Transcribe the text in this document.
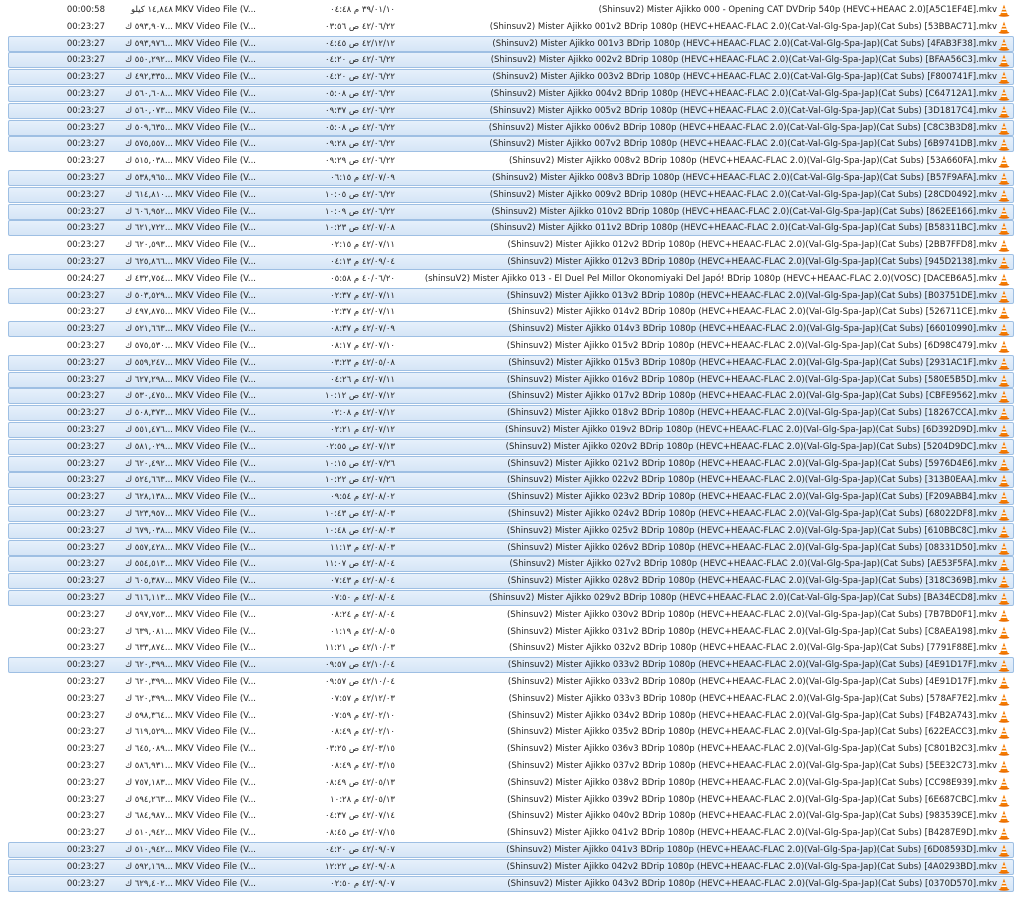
00:00:58	١٤,٨٤٨ كيلو MKV Video File (V...	٣٩/٠١/١٠ م ٠٤:٤٨	(Shinsuv2) Mister Ajikko 000 - Opening CAT DVDrip 540p (HEVC+HEAAC 2.0)[A5C1EF4E].mkv
00:23:27	٥٩٣,٩٠٧ ك... MKV Video File (V...	٤٢/٠٦/٢٢ ص ٠٣:٥٦	(Shinsuv2) Mister Ajikko 001v2 BDrip 1080p (HEVC+HEAAC-FLAC 2.0)(Cat-Val-Glg-Spa-Jap)(Cat Subs) [53BBAC71].mkv
00:23:27	٥٩٣,٩٧٦ ك... MKV Video File (V...	٤٢/١٢/١٢ ص ٠٤:٤٥	(Shinsuv2) Mister Ajikko 001v3 BDrip 1080p (HEVC+HEAAC-FLAC 2.0)(Cat-Val-Glg-Spa-Jap)(Cat Subs) [4FAB3F38].mkv
00:23:27	٥٥٠,٢٩٢ ك... MKV Video File (V...	٤٢/٠٦/٢٢ ص ٠٤:٢٠	(Shinsuv2) Mister Ajikko 002v2 BDrip 1080p (HEVC+HEAAC-FLAC 2.0)(Cat-Val-Glg-Spa-Jap)(Cat Subs) [BFAA56C3].mkv
00:23:27	٤٩٢,٣٣٥ ك... MKV Video File (V...	٤٢/٠٦/٢٢ ص ٠٤:٢٠	(Shinsuv2) Mister Ajikko 003v2 BDrip 1080p (HEVC+HEAAC-FLAC 2.0)(Cat-Val-Glg-Spa-Jap)(Cat Subs) [F800741F].mkv
00:23:27	٥٦٠,٦٠٨ ك... MKV Video File (V...	٤٢/٠٦/٢٢ ص ٠٥:٠٨	(Shinsuv2) Mister Ajikko 004v2 BDrip 1080p (HEVC+HEAAC-FLAC 2.0)(Cat-Val-Glg-Spa-Jap)(Cat Subs) [C64712A1].mkv
00:23:27	٥٦٠,٠٧٣ ك... MKV Video File (V...	٤٢/٠٦/٢٢ ص ٠٩:٣٧	(Shinsuv2) Mister Ajikko 005v2 BDrip 1080p (HEVC+HEAAC-FLAC 2.0)(Cat-Val-Glg-Spa-Jap)(Cat Subs) [3D1817C4].mkv
00:23:27	٥٠٩,٦٣٥ ك... MKV Video File (V...	٤٢/٠٦/٢٢ ص ٠٥:٠٨	(Shinsuv2) Mister Ajikko 006v2 BDrip 1080p (HEVC+HEAAC-FLAC 2.0)(Cat-Val-Glg-Spa-Jap)(Cat Subs) [C8C3B3D8].mkv
00:23:27	٥٧٥,٥٥٧ ك... MKV Video File (V...	٤٢/٠٦/٢٢ ص ٠٩:٢٨	(Shinsuv2) Mister Ajikko 007v2 BDrip 1080p (HEVC+HEAAC-FLAC 2.0)(Cat-Val-Glg-Spa-Jap)(Cat Subs) [6B9741DB].mkv
00:23:27	٥١٥,٠٣٨ ك... MKV Video File (V...	٤٢/٠٦/٢٢ ص ٠٩:٢٩	(Shinsuv2) Mister Ajikko 008v2 BDrip 1080p (HEVC+HEAAC-FLAC 2.0)(Val-Glg-Spa-Jap)(Cat Subs) [53A660FA].mkv
00:23:27	٥٣٨,٩٦٥ ك... MKV Video File (V...	٤٢/٠٧/٠٩ م ٠٦:١٥	(Shinsuv2) Mister Ajikko 008v3 BDrip 1080p (HEVC+HEAAC-FLAC 2.0)(Cat-Val-Glg-Spa-Jap)(Cat Subs) [B57F9AFA].mkv
00:23:27	٦١٤,٨١٠ ك... MKV Video File (V...	٤٢/٠٦/٢٢ ص ١٠:٠٥	(Shinsuv2) Mister Ajikko 009v2 BDrip 1080p (HEVC+HEAAC-FLAC 2.0)(Cat-Val-Glg-Spa-Jap)(Cat Subs) [28CD0492].mkv
00:23:27	٦٠٦,٩٥٢ ك... MKV Video File (V...	٤٢/٠٦/٢٢ ص ١٠:٠٩	(Shinsuv2) Mister Ajikko 010v2 BDrip 1080p (HEVC+HEAAC-FLAC 2.0)(Cat-Val-Glg-Spa-Jap)(Cat Subs) [862EE166].mkv
00:23:27	٦٢١,٧٢٢ ك... MKV Video File (V...	٤٢/٠٧/٠٨ ص ١٠:٢٣	(Shinsuv2) Mister Ajikko 011v2 BDrip 1080p (HEVC+HEAAC-FLAC 2.0)(Cat-Val-Glg-Spa-Jap)(Cat Subs) [B58311BC].mkv
00:23:27	٦٢٠,٥٩٣ ك... MKV Video File (V...	٤٢/٠٧/١١ م ٠٢:١٥	(Shinsuv2) Mister Ajikko 012v2 BDrip 1080p (HEVC+HEAAC-FLAC 2.0)(Val-Glg-Spa-Jap)(Cat Subs) [2BB7FFD8].mkv
00:23:27	٦٢٥,٨٦٦ ك... MKV Video File (V...	٤٢/٠٩/٠٤ م ٠٤:١٣	(Shinsuv2) Mister Ajikko 012v3 BDrip 1080p (HEVC+HEAAC-FLAC 2.0)(Val-Glg-Spa-Jap)(Cat Subs) [945D2138].mkv
00:24:27	٤٣٢,٧٥٤ ك... MKV Video File (V...	٤٠/٠٦/٢٠ م ٠٥:٥٨	(shinsuV2) Mister Ajikko 013 - El Duel Pel Millor Okonomiyaki Del Japó! BDrip 1080p (HEVC+HEAAC-FLAC 2.0)(VOSC) [DACEB6A5].mkv
00:23:27	٥٠٣,٥٢٩ ك... MKV Video File (V...	٤٢/٠٧/١١ م ٠٢:٣٧	(Shinsuv2) Mister Ajikko 013v2 BDrip 1080p (HEVC+HEAAC-FLAC 2.0)(Val-Glg-Spa-Jap)(Cat Subs) [B03751DE].mkv
00:23:27	٤٩٧,٨٧٥ ك... MKV Video File (V...	٤٢/٠٧/١١ م ٠٢:٣٧	(Shinsuv2) Mister Ajikko 014v2 BDrip 1080p (HEVC+HEAAC-FLAC 2.0)(Val-Glg-Spa-Jap)(Cat Subs) [526711CE].mkv
00:23:27	٥٢١,٦٦٣ ك... MKV Video File (V...	٤٢/٠٧/٠٩ م ٠٨:٣٧	(Shinsuv2) Mister Ajikko 014v3 BDrip 1080p (HEVC+HEAAC-FLAC 2.0)(Val-Glg-Spa-Jap)(Cat Subs) [66010990].mkv
00:23:27	٥٧٥,٥٣٠ ك... MKV Video File (V...	٤٢/٠٧/١٠ م ٠٨:١٧	(Shinsuv2) Mister Ajikko 015v2 BDrip 1080p (HEVC+HEAAC-FLAC 2.0)(Val-Glg-Spa-Jap)(Cat Subs) [6D98C479].mkv
00:23:27	٥٥٩,٢٤٧ ك... MKV Video File (V...	٤٢/٠٥/٠٨ م ٠٣:٢٣	(Shinsuv2) Mister Ajikko 015v3 BDrip 1080p (HEVC+HEAAC-FLAC 2.0)(Val-Glg-Spa-Jap)(Cat Subs) [2931AC1F].mkv
00:23:27	٦٢٧,٢٩٨ ك... MKV Video File (V...	٤٢/٠٧/١١ م ٠٤:٢٦	(Shinsuv2) Mister Ajikko 016v2 BDrip 1080p (HEVC+HEAAC-FLAC 2.0)(Val-Glg-Spa-Jap)(Cat Subs) [580E5B5D].mkv
00:23:27	٥٣٠,٤٧٥ ك... MKV Video File (V...	٤٢/٠٧/١٢ ص ١٠:١٢	(Shinsuv2) Mister Ajikko 017v2 BDrip 1080p (HEVC+HEAAC-FLAC 2.0)(Val-Glg-Spa-Jap)(Cat Subs) [CBFE9562].mkv
00:23:27	٥٠٨,٣٧٣ ك... MKV Video File (V...	٤٢/٠٧/١٢ م ٠٢:٠٨	(Shinsuv2) Mister Ajikko 018v2 BDrip 1080p (HEVC+HEAAC-FLAC 2.0)(Val-Glg-Spa-Jap)(Cat Subs) [18267CCA].mkv
00:23:27	٥٥١,٤٧٦ ك... MKV Video File (V...	٤٢/٠٧/١٢ م ٠٢:٢١	(Shinsuv2) Mister Ajikko 019v2 BDrip 1080p (HEVC+HEAAC-FLAC 2.0)(Val-Glg-Spa-Jap)(Cat Subs) [6D392D9D].mkv
00:23:27	٥٨١,٠٢٩ ك... MKV Video File (V...	٤٢/٠٧/١٣ ص ٠٢:٥٥	(Shinsuv2) Mister Ajikko 020v2 BDrip 1080p (HEVC+HEAAC-FLAC 2.0)(Val-Glg-Spa-Jap)(Cat Subs) [5204D9DC].mkv
00:23:27	٦٢٠,٤٩٢ ك... MKV Video File (V...	٤٢/٠٧/٢٦ ص ١٠:١٥	(Shinsuv2) Mister Ajikko 021v2 BDrip 1080p (HEVC+HEAAC-FLAC 2.0)(Val-Glg-Spa-Jap)(Cat Subs) [5976D4E6].mkv
00:23:27	٥٢٤,٦٦٣ ك... MKV Video File (V...	٤٢/٠٧/٢٦ ص ١٠:٢٢	(Shinsuv2) Mister Ajikko 022v2 BDrip 1080p (HEVC+HEAAC-FLAC 2.0)(Val-Glg-Spa-Jap)(Cat Subs) [313B0EAA].mkv
00:23:27	٦٢٨,١٣٨ ك... MKV Video File (V...	٤٢/٠٨/٠٢ م ٠٩:٥٤	(Shinsuv2) Mister Ajikko 023v2 BDrip 1080p (HEVC+HEAAC-FLAC 2.0)(Val-Glg-Spa-Jap)(Cat Subs) [F209ABB4].mkv
00:23:27	٦٢٣,٩٥٧ ك... MKV Video File (V...	٤٢/٠٨/٠٣ ص ١٠:٤٣	(Shinsuv2) Mister Ajikko 024v2 BDrip 1080p (HEVC+HEAAC-FLAC 2.0)(Val-Glg-Spa-Jap)(Cat Subs) [68022DF8].mkv
00:23:27	٦٧٩,٠٣٨ ك... MKV Video File (V...	٤٢/٠٨/٠٣ ص ١٠:٤٨	(Shinsuv2) Mister Ajikko 025v2 BDrip 1080p (HEVC+HEAAC-FLAC 2.0)(Val-Glg-Spa-Jap)(Cat Subs) [610BBC8C].mkv
00:23:27	٥٥٧,٤٢٨ ك... MKV Video File (V...	٤٢/٠٨/٠٣ م ١١:١٣	(Shinsuv2) Mister Ajikko 026v2 BDrip 1080p (HEVC+HEAAC-FLAC 2.0)(Val-Glg-Spa-Jap)(Cat Subs) [08331D50].mkv
00:23:27	٥٥٤,٥١٣ ك... MKV Video File (V...	٤٢/٠٨/٠٤ ص ١١:٠٧	(Shinsuv2) Mister Ajikko 027v2 BDrip 1080p (HEVC+HEAAC-FLAC 2.0)(Val-Glg-Spa-Jap)(Cat Subs) [AE53F5FA].mkv
00:23:27	٦٠٥,٣٨٧ ك... MKV Video File (V...	٤٢/٠٨/٠٤ م ٠٧:٤٣	(Shinsuv2) Mister Ajikko 028v2 BDrip 1080p (HEVC+HEAAC-FLAC 2.0)(Val-Glg-Spa-Jap)(Cat Subs) [318C369B].mkv
00:23:27	٦١٦,١١٣ ك... MKV Video File (V...	٤٢/٠٨/٠٤ م ٠٧:٥٠	(Shinsuv2) Mister Ajikko 029v2 BDrip 1080p (HEVC+HEAAC-FLAC 2.0)(Cat-Val-Glg-Spa-Jap)(Cat Subs) [BA34ECD8].mkv
00:23:27	٥٩٧,٧٥٣ ك... MKV Video File (V...	٤٢/٠٨/٠٤ م ٠٨:٢٤	(Shinsuv2) Mister Ajikko 030v2 BDrip 1080p (HEVC+HEAAC-FLAC 2.0)(Val-Glg-Spa-Jap)(Cat Subs) [7B7BD0F1].mkv
00:23:27	٦٣٩,٠٨١ ك... MKV Video File (V...	٤٢/٠٨/٠٥ م ٠١:١٩	(Shinsuv2) Mister Ajikko 031v2 BDrip 1080p (HEVC+HEAAC-FLAC 2.0)(Val-Glg-Spa-Jap)(Cat Subs) [C8AEA198].mkv
00:23:27	٦٣٣,٨٧٤ ك... MKV Video File (V...	٤٢/١٠/٠٣ ص ١١:٢١	(Shinsuv2) Mister Ajikko 032v2 BDrip 1080p (HEVC+HEAAC-FLAC 2.0)(Val-Glg-Spa-Jap)(Cat Subs) [7791F88E].mkv
00:23:27	٦٢٠,٣٩٩ ك... MKV Video File (V...	٤٢/١٠/٠٤ ص ٠٩:٥٧	(Shinsuv2) Mister Ajikko 033v2 BDrip 1080p (HEVC+HEAAC-FLAC 2.0)(Val-Glg-Spa-Jap)(Cat Subs) [4E91D17F].mkv
00:23:27	٦٢٠,٣٩٩ ك... MKV Video File (V...	٤٢/١٠/٠٤ ص ٠٩:٥٧	(Shinsuv2) Mister Ajikko 033v2 BDrip 1080p (HEVC+HEAAC-FLAC 2.0)(Val-Glg-Spa-Jap)(Cat Subs) [4E91D17F].mkv
00:23:27	٦٢٠,٣٩٩ ك... MKV Video File (V...	٤٢/١٢/٠٣ م ٠٧:٥٧	(Shinsuv2) Mister Ajikko 033v3 BDrip 1080p (HEVC+HEAAC-FLAC 2.0)(Val-Glg-Spa-Jap)(Cat Subs) [578AF7E2].mkv
00:23:27	٥٩٨,٣٦٤ ك... MKV Video File (V...	٤٢/٠٢/١٠ م ٠٧:٥٩	(Shinsuv2) Mister Ajikko 034v2 BDrip 1080p (HEVC+HEAAC-FLAC 2.0)(Val-Glg-Spa-Jap)(Cat Subs) [F4B2A743].mkv
00:23:27	٦١٩,٥٢٩ ك... MKV Video File (V...	٤٢/٠٢/١٠ م ٠٨:٤٩	(Shinsuv2) Mister Ajikko 035v2 BDrip 1080p (HEVC+HEAAC-FLAC 2.0)(Val-Glg-Spa-Jap)(Cat Subs) [622EACC3].mkv
00:23:27	٦٤٥,٠٨٩ ك... MKV Video File (V...	٤٢/٠٣/١٥ ص ٠٣:٢٥	(Shinsuv2) Mister Ajikko 036v3 BDrip 1080p (HEVC+HEAAC-FLAC 2.0)(Val-Glg-Spa-Jap)(Cat Subs) [C801B2C3].mkv
00:23:27	٥٨٦,٩٣١ ك... MKV Video File (V...	٤٢/٠٣/١٥ م ٠٨:٤٩	(Shinsuv2) Mister Ajikko 037v2 BDrip 1080p (HEVC+HEAAC-FLAC 2.0)(Val-Glg-Spa-Jap)(Cat Subs) [5EE32C73].mkv
00:23:27	٧٥٧,١٨٣ ك... MKV Video File (V...	٤٢/٠٥/١٣ ص ٠٨:٤٩	(Shinsuv2) Mister Ajikko 038v2 BDrip 1080p (HEVC+HEAAC-FLAC 2.0)(Val-Glg-Spa-Jap)(Cat Subs) [CC98E939].mkv
00:23:27	٥٩٤,٢٦٣ ك... MKV Video File (V...	٤٢/٠٥/١٣ م ١٠:٢٨	(Shinsuv2) Mister Ajikko 039v2 BDrip 1080p (HEVC+HEAAC-FLAC 2.0)(Val-Glg-Spa-Jap)(Cat Subs) [6E687CBC].mkv
00:23:27	٦٨٤,٩٨٧ ك... MKV Video File (V...	٤٢/٠٧/١٤ ص ٠٤:٣٧	(Shinsuv2) Mister Ajikko 040v2 BDrip 1080p (HEVC+HEAAC-FLAC 2.0)(Val-Glg-Spa-Jap)(Cat Subs) [983539CE].mkv
00:23:27	٥١٠,٩٤٢ ك... MKV Video File (V...	٤٢/٠٧/١٥ ص ٠٨:٤٥	(Shinsuv2) Mister Ajikko 041v2 BDrip 1080p (HEVC+HEAAC-FLAC 2.0)(Val-Glg-Spa-Jap)(Cat Subs) [B4287E9D].mkv
00:23:27	٥١٠,٩٤٢ ك... MKV Video File (V...	٤٢/٠٩/٠٧ ص ٠٤:٢٠	(Shinsuv2) Mister Ajikko 041v3 BDrip 1080p (HEVC+HEAAC-FLAC 2.0)(Val-Glg-Spa-Jap)(Cat Subs) [6D08593D].mkv
00:23:27	٥٩٢,١٦٩ ك... MKV Video File (V...	٤٢/٠٩/٠٨ ص ١٢:٢٢	(Shinsuv2) Mister Ajikko 042v2 BDrip 1080p (HEVC+HEAAC-FLAC 2.0)(Val-Glg-Spa-Jap)(Cat Subs) [4A0293BD].mkv
00:23:27	٦٢٩,٤٠٢ ك... MKV Video File (V...	٤٢/٠٩/٠٧ م ٠٢:٥٠	(Shinsuv2) Mister Ajikko 043v2 BDrip 1080p (HEVC+HEAAC-FLAC 2.0)(Val-Glg-Spa-Jap)(Cat Subs) [0370D570].mkv
